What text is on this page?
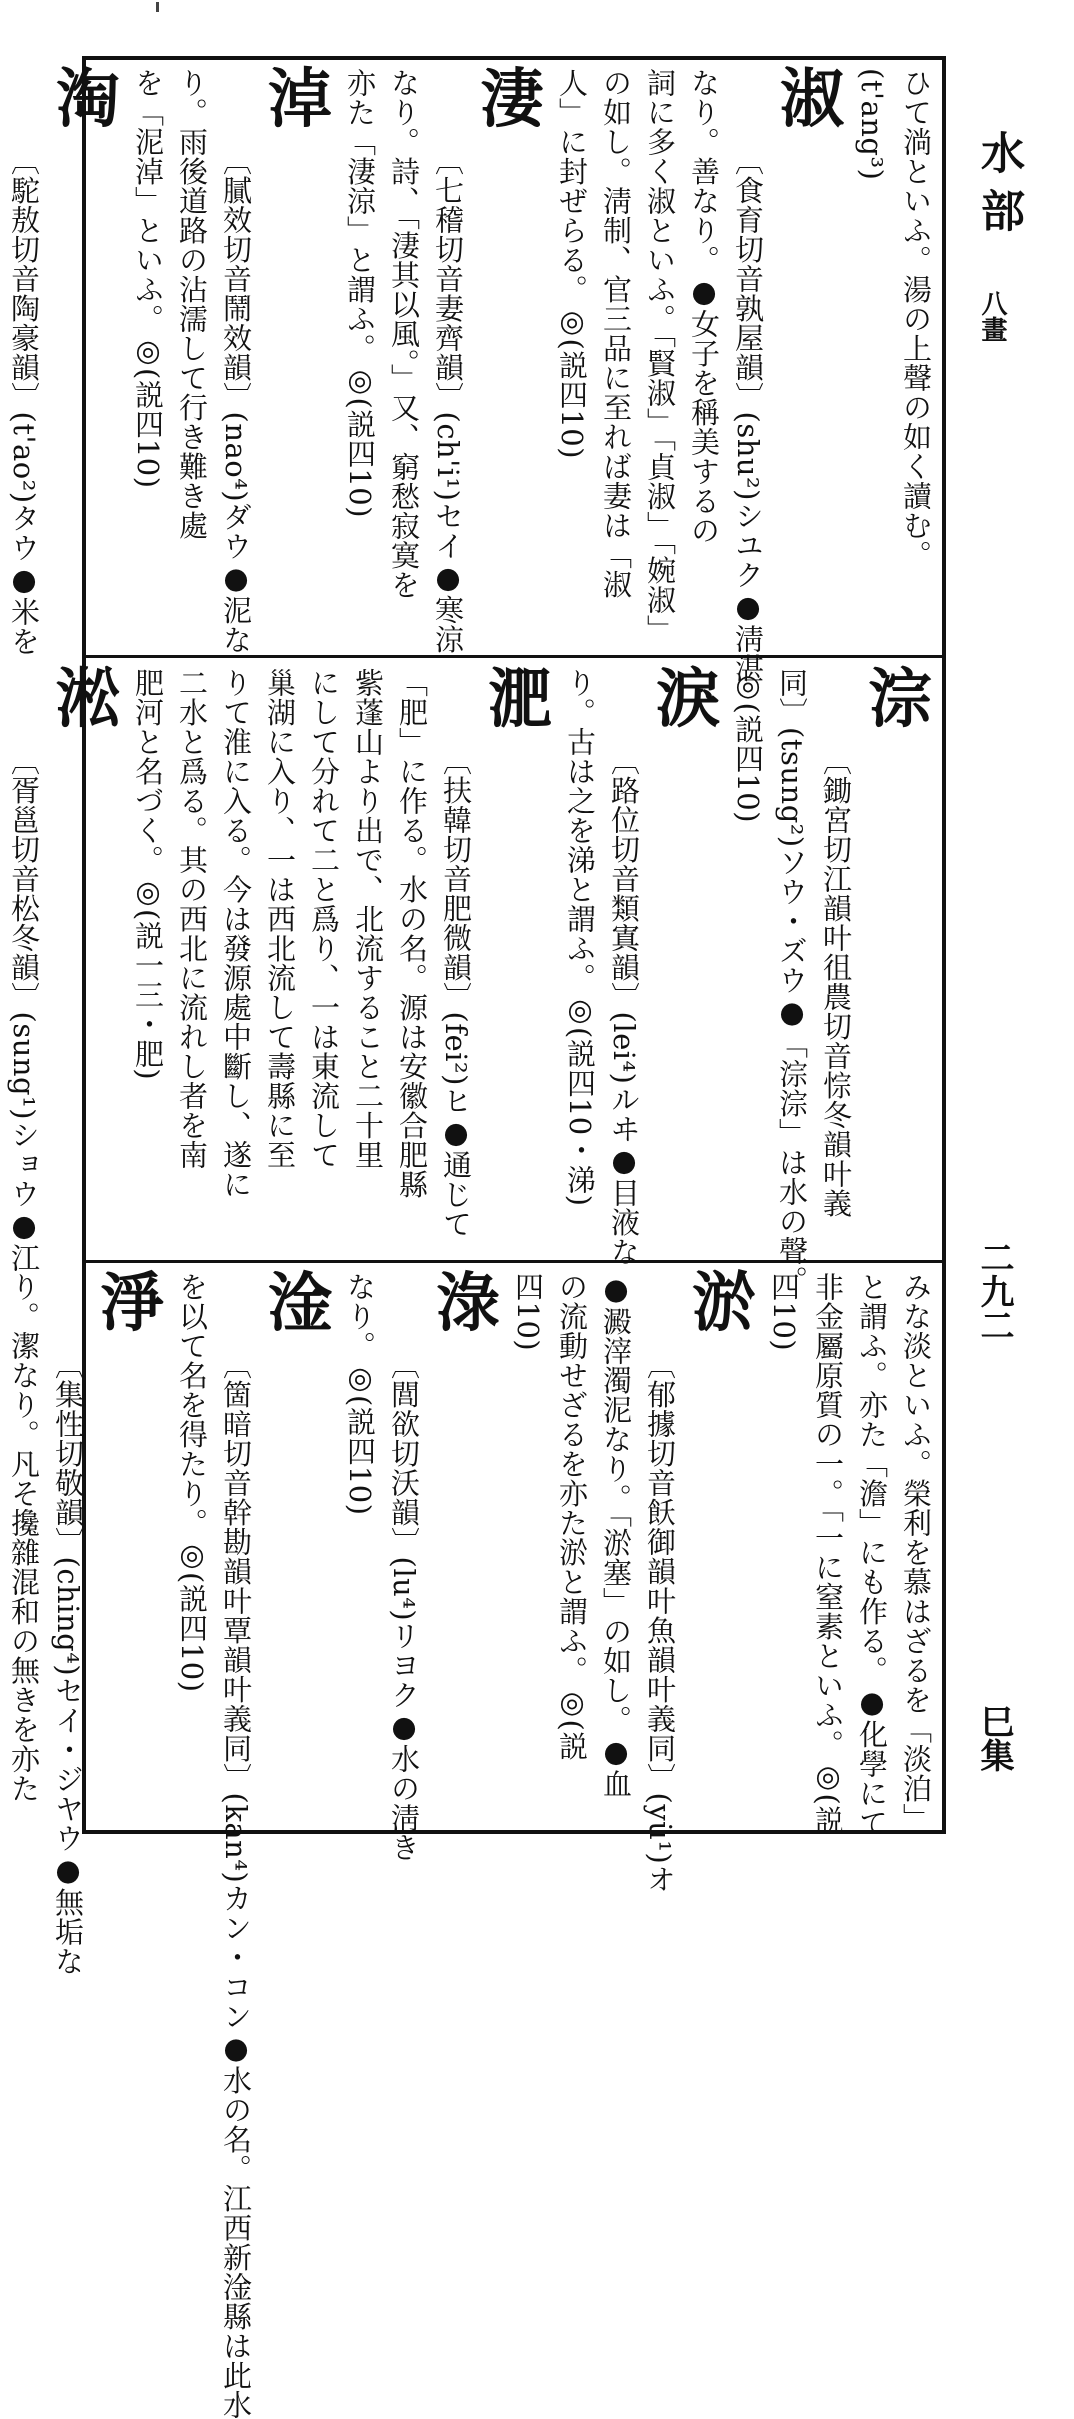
ひて淌といふ。湯の上聲の如く讀む。
(t'ang³)
淑
〔食育切音孰屋韻〕(shu²)シユク●淸湛
なり。善なり。●女子を稱美するの
詞に多く淑といふ。「賢淑」「貞淑」「婉淑」
の如し。淸制、官三品に至れば妻は「淑
人」に封ぜらる。◎(説四10)
淒
〔七稽切音妻齊韻〕(ch'i¹)セイ●寒涼
なり。詩、「淒其以風。」又、窮愁寂寞を
亦た「淒涼」と謂ふ。◎(説四10)
淖
〔膩效切音鬧效韻〕(nao⁴)ダウ●泥な
り。雨後道路の沾濡して行き難き處
を「泥淖」といふ。◎(説四10)
淘
〔駝敖切音陶豪韻〕(t'ao²)タウ●米を
淙
〔鋤宮切江韻叶徂農切音悰冬韻叶義
同〕(tsung²)ソウ・ズウ●「淙淙」は水の聲。
◎(説四10)
淚
〔路位切音類寘韻〕(lei⁴)ルヰ●目液な
り。古は之を涕と謂ふ。◎(説四10・涕)
淝
〔扶韓切音肥微韻〕(fei²)ヒ●通じて
「肥」に作る。水の名。源は安徽合肥縣
紫蓬山より出で、北流すること二十里
にして分れて二と爲り、一は東流して
巢湖に入り、一は西北流して壽縣に至
りて淮に入る。今は發源處中斷し、遂に
二水と爲る。其の西北に流れし者を南
肥河と名づく。◎(説一三・肥)
淞
〔胥邕切音松冬韻〕(sung¹)ショウ●江
みな淡といふ。榮利を慕はざるを「淡泊」
と謂ふ。亦た「澹」にも作る。●化學にて
非金屬原質の一。「一に窒素といふ。◎(説
四10)
淤
〔郁據切音飫御韻叶魚韻叶義同〕(yü¹)オ
●澱滓濁泥なり。「淤塞」の如し。●血
の流動せざるを亦た淤と謂ふ。◎(説
四10)
淥
〔閭欲切沃韻〕(lu⁴)リヨク●水の淸き
なり。◎(説四10)
淦
〔箇暗切音幹勘韻叶覃韻叶義同〕(kan⁴)カン・コン●水の名。江西新淦縣は此水
を以て名を得たり。◎(説四10)
淨
〔集性切敬韻〕(ching⁴)セイ・ジヤウ●無垢な
り。潔なり。凡そ攙雜混和の無きを亦た
水部
八畫
二九二
巳集
